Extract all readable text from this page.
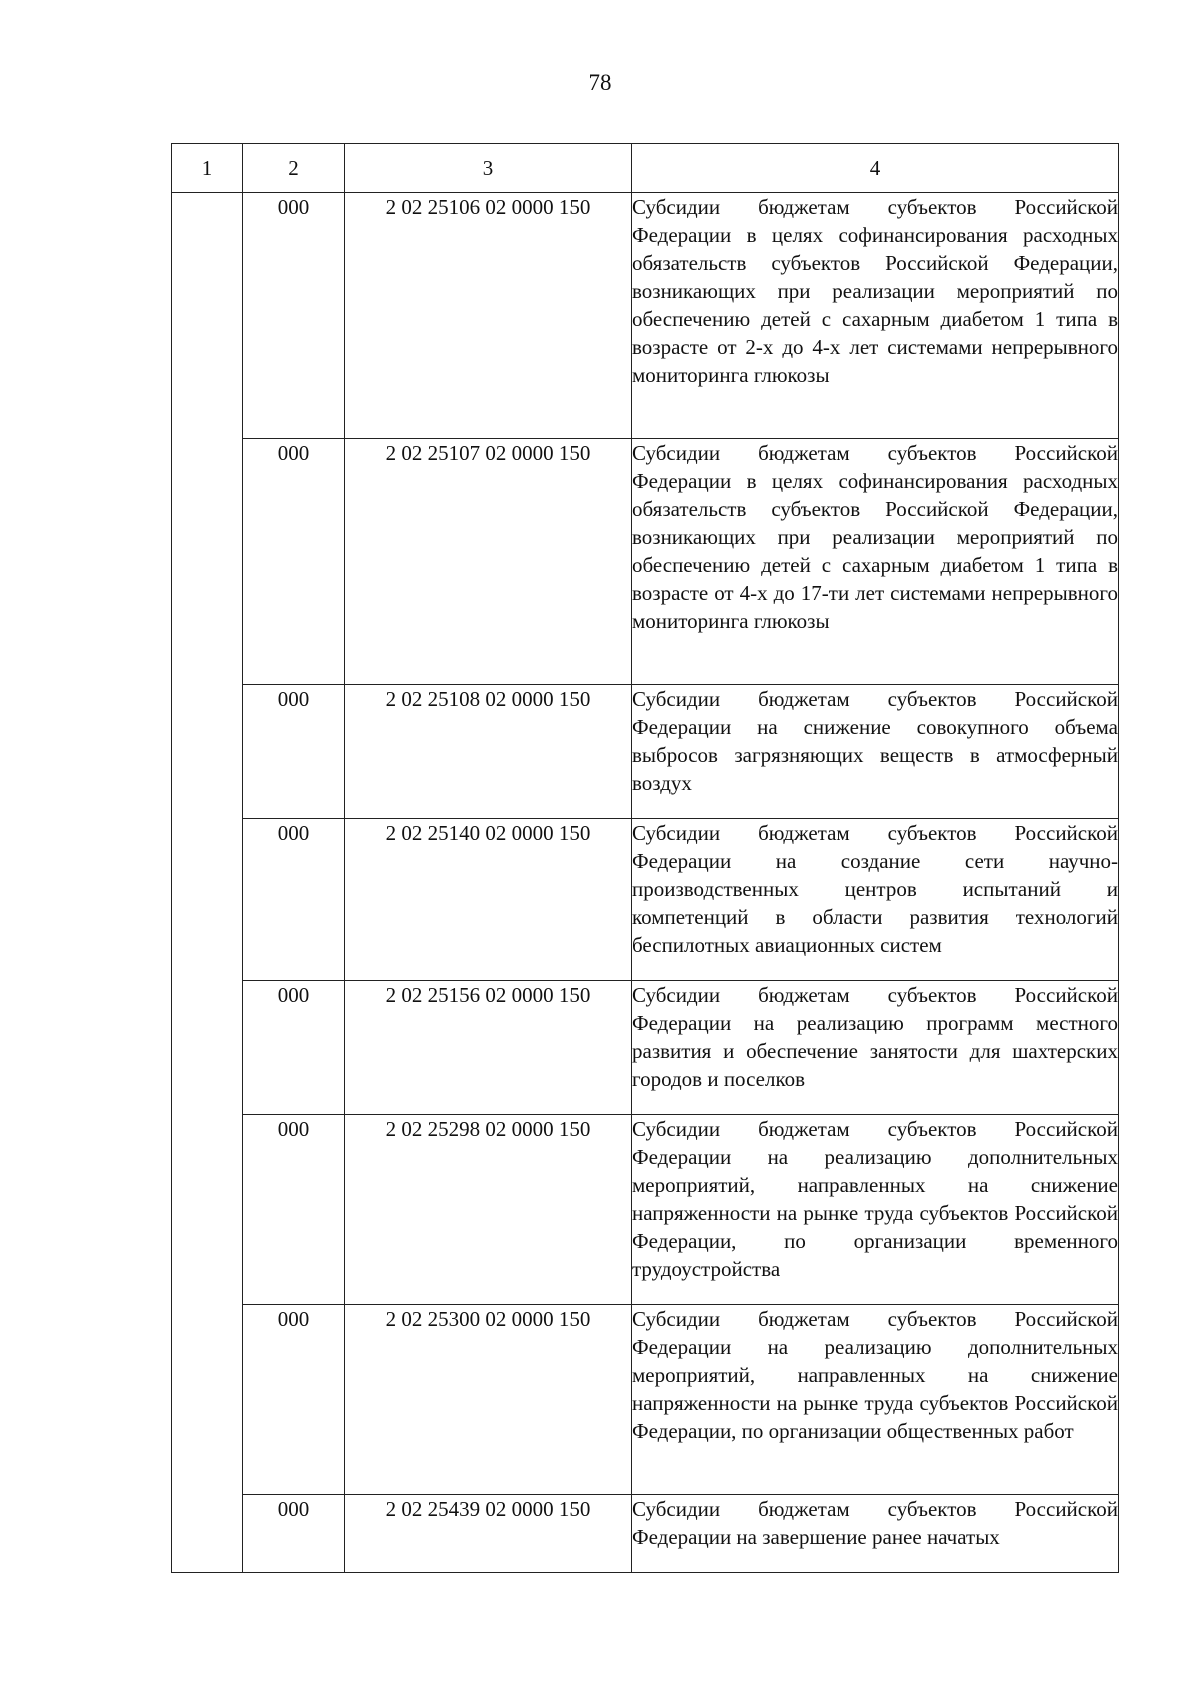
78
1	2	3	4
	000	2 02 25106 02 0000 150	Субсидии бюджетам субъектов Российской Федерации в целях софинансирования расходных обязательств субъектов Российской Федерации, возникающих при реализации мероприятий по обеспечению детей с сахарным диабетом 1 типа в возрасте от 2-х до 4-х лет системами непрерывного мониторинга глюкозы
	000	2 02 25107 02 0000 150	Субсидии бюджетам субъектов Российской Федерации в целях софинансирования расходных обязательств субъектов Российской Федерации, возникающих при реализации мероприятий по обеспечению детей с сахарным диабетом 1 типа в возрасте от 4-х до 17-ти лет системами непрерывного мониторинга глюкозы
	000	2 02 25108 02 0000 150	Субсидии бюджетам субъектов Российской Федерации на снижение совокупного объема выбросов загрязняющих веществ в атмосферный воздух
	000	2 02 25140 02 0000 150	Субсидии бюджетам субъектов Российской Федерации на создание сети научно-производственных центров испытаний и компетенций в области развития технологий беспилотных авиационных систем
	000	2 02 25156 02 0000 150	Субсидии бюджетам субъектов Российской Федерации на реализацию программ местного развития и обеспечение занятости для шахтерских городов и поселков
	000	2 02 25298 02 0000 150	Субсидии бюджетам субъектов Российской Федерации на реализацию дополнительных мероприятий, направленных на снижение напряженности на рынке труда субъектов Российской Федерации, по организации временного трудоустройства
	000	2 02 25300 02 0000 150	Субсидии бюджетам субъектов Российской Федерации на реализацию дополнительных мероприятий, направленных на снижение напряженности на рынке труда субъектов Российской Федерации, по организации общественных работ
	000	2 02 25439 02 0000 150	Субсидии бюджетам субъектов Российской Федерации на завершение ранее начатых
